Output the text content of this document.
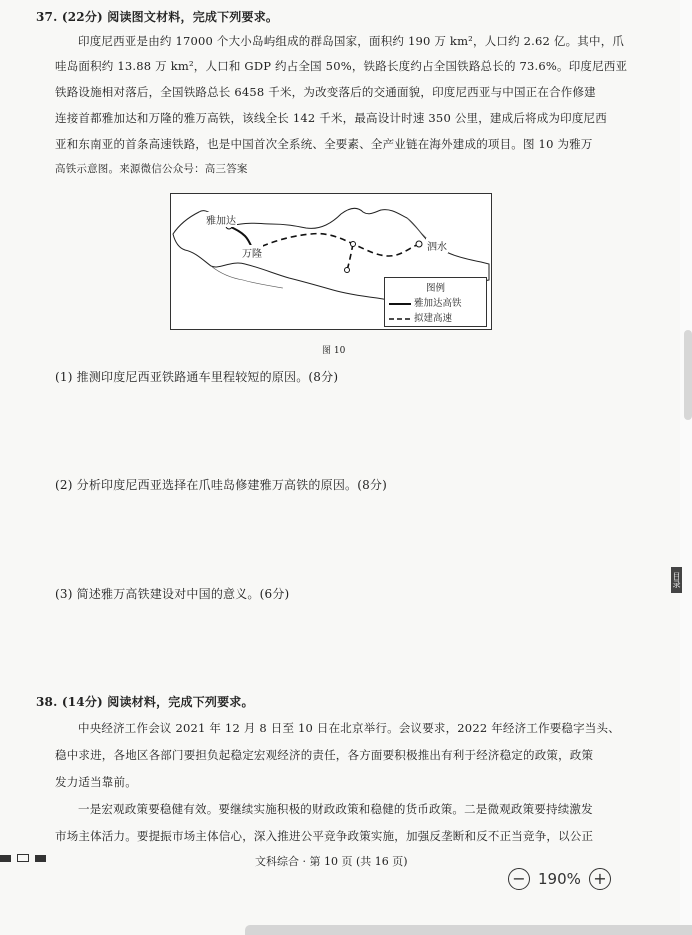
37. (22分) 阅读图文材料，完成下列要求。
印度尼西亚是由约 17000 个大小岛屿组成的群岛国家，面积约 190 万 km²，人口约 2.62 亿。其中，爪
哇岛面积约 13.88 万 km²，人口和 GDP 约占全国 50%，铁路长度约占全国铁路总长的 73.6%。印度尼西亚
铁路设施相对落后，全国铁路总长 6458 千米，为改变落后的交通面貌，印度尼西亚与中国正在合作修建
连接首都雅加达和万隆的雅万高铁，该线全长 142 千米，最高设计时速 350 公里，建成后将成为印度尼西
亚和东南亚的首条高速铁路，也是中国首次全系统、全要素、全产业链在海外建成的项目。图 10 为雅万
高铁示意图。来源微信公众号：高三答案
雅加达
万隆
泗水
图例
雅加达高铁
拟建高速
图 10
(1) 推测印度尼西亚铁路通车里程较短的原因。(8分)
(2) 分析印度尼西亚选择在爪哇岛修建雅万高铁的原因。(8分)
(3) 简述雅万高铁建设对中国的意义。(6分)
38. (14分) 阅读材料，完成下列要求。
中央经济工作会议 2021 年 12 月 8 日至 10 日在北京举行。会议要求，2022 年经济工作要稳字当头、
稳中求进，各地区各部门要担负起稳定宏观经济的责任，各方面要积极推出有利于经济稳定的政策，政策
发力适当靠前。
一是宏观政策要稳健有效。要继续实施积极的财政政策和稳健的货币政策。二是微观政策要持续激发
市场主体活力。要提振市场主体信心，深入推进公平竞争政策实施，加强反垄断和反不正当竞争，以公正
文科综合 · 第 10 页 (共 16 页)
目录
− 190% +
